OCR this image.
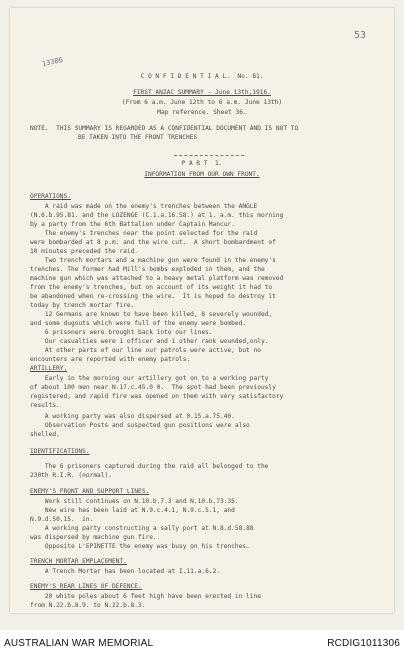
53
13386
C O N F I D E N T I A L.  No. 81.
FIRST ANZAC SUMMARY - June 13th,1916.
(From 6 a.m. June 12th to 6 a.m. June 13th)
Map reference. Sheet 36.
NOTE.  THIS SUMMARY IS REGARDED AS A CONFIDENTIAL DOCUMENT AND IS NOT TO
BE TAKEN INTO THE FRONT TRENCHES
P A R T  1.
INFORMATION FROM OUR OWN FRONT.
OPERATIONS.
A raid was made on the enemy's trenches between the ANGLE
(N.6.b.95.81. and the LOZENGE (C.1.a.16.58.) at 1. a.m. this morning
by a party from the 6th Battalion under Captain Mancur.
The enemy's trenches near the point selected for the raid
were bombarded at 8 p.m. and the wire cut.  A short bombardment of
10 minutes preceded the raid.
Two trench mortars and a machine gun were found in the enemy's
trenches. The former had Mill's bombs exploded in them, and the
machine gun which was attached to a heavy metal platform was removed
from the enemy's trenches, but on account of its weight it had to
be abandoned when re-crossing the wire.  It is hoped to destroy it
today by trench mortar fire.
12 Germans are known to have been killed, 8 severely wounded,
and some dugouts which were full of the enemy were bombed.
6 prisoners were brought back into our lines.
Our casualties were 1 officer and 1 other rank wounded,only.
At other parts of our line our patrols were active, but no
encounters are reported with enemy patrols.
ARTILLERY.
Early in the morning our artillery got on to a working party
of about 100 men near N.17.c.45.0 0.  The spot had been previously
registered, and rapid fire was opened on them with very satisfactory
results.
A working party was also dispersed at 0.15.a.75.40.
Observation Posts and suspected gun positions were also
shelled.
IDENTIFICATIONS.
The 6 prisoners captured during the raid all belonged to the
230th R.I.R. (normal).
ENEMY'S FRONT AND SUPPORT LINES.
Work still continues on N.10.b.7.3 and N.10.b.73.35.
New wire has been laid at N.9.c.4.1, N.9.c.5.1, and
N.9.d.50.15.  in.
A working party constructing a sally port at N.8.d.58.88
was dispersed by machine gun fire.
Opposite L'EPINETTE the enemy was busy on his trenches.
TRENCH MORTAR EMPLACEMENT.
A Trench Mortar has been located at I.11.a.6.2.
ENEMY'S REAR LINES OF DEFENCE.
20 white poles about 6 feet high have been erected in line
from N.22.b.8.9. to N.22.b.8.3.
AUSTRALIAN WAR MEMORIAL	RCDIG1011306
